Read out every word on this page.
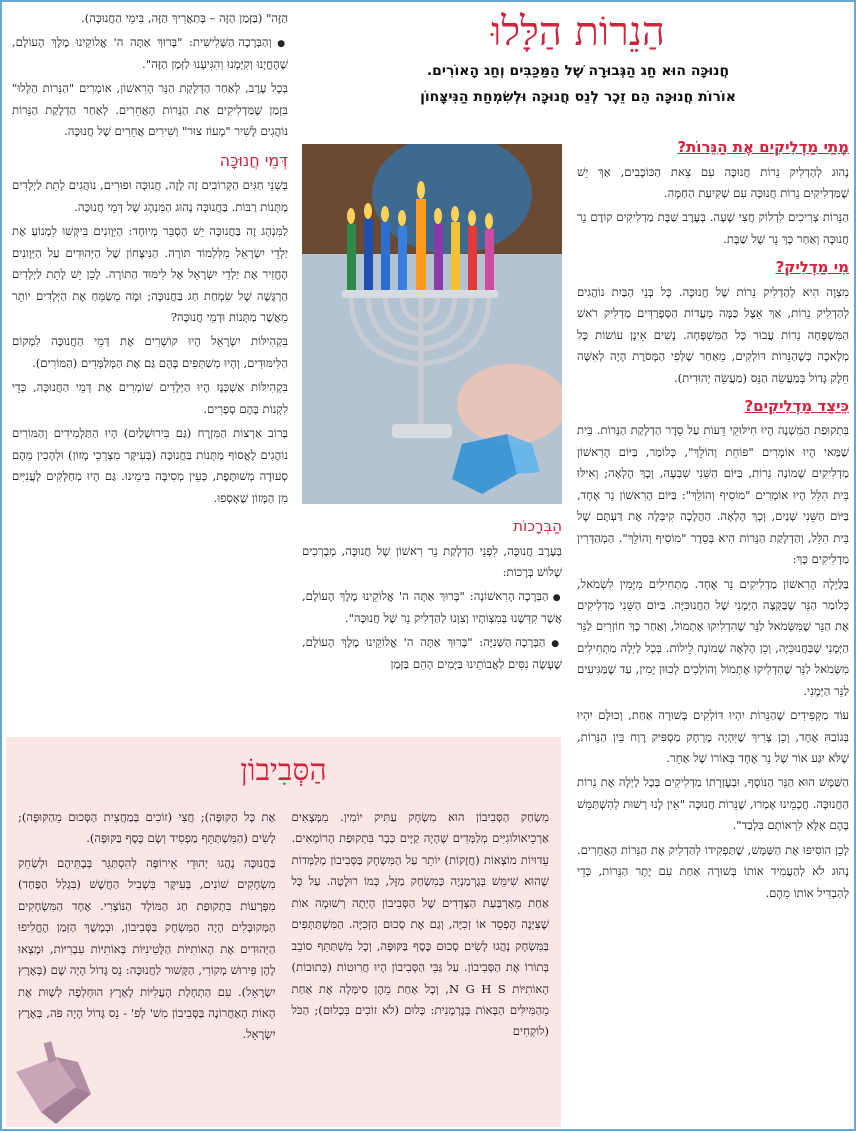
הַנֵרוֹת הַלָּלוּ
חֲנוּכָּה הוּא חַג הַגְּבוּרָה שֶׁל הַמַּכַּבִּים וְחַג הָאוֹרִים.
אוֹרוֹת חֲנוּכָּה הֵם זֵכֶר לְנֵס חֲנוּכָּה וּלְשִׂמְחַת הַנִּיצָּחוֹן
מָתַי מַדְלִיקִים אֶת הַנֵּרוֹת?

נָהוּג לְהַדְלִיק נֵרוֹת חֲנוּכָּה עִם צֵאת הַכּוֹכָבִים, אַךְ יֵשׁ שֶׁמַּדְלִיקִים נֵרוֹת חֲנוּכָּה עִם שְׁקִיעַת הַחַמָּה.

הַנֵּרוֹת צְרִיכִים לִדְלוֹק חֲצִי שָׁעָה. בְּעֶרֶב שַׁבָּת מַדְלִיקִים קוֹדֶם נֵר חֲנוּכָּה וְאַחַר כָּךְ נֵר שֶׁל שַׁבָּת.

מִי מַדְלִיק?

מִצְוָה הִיא לְהַדְלִיק נֵרוֹת שֶׁל חֲנוּכָּה. כָּל בְּנֵי הַבַּיִת נוֹהֲגִים לְהַדְלִיק נֵרוֹת, אַךְ אֵצֶל כַּמָּה מֵעֲדוֹת הַסְּפָרַדִּים מַדְלִיק רֹאשׁ הַמִּשְׁפָּחָה נֵרוֹת עֲבוּר כָּל הַמִּשְׁפָּחָה. נָשִׁים אֵינָן עוֹשׂוֹת כָּל מְלָאכָה כְּשֶׁהַנֵּרוֹת דּוֹלְקִים, מֵאַחַר שֶׁלְּפִי הַמָּסֹרֶת הָיָה לְאִשָּׁה חֵלֶק גָּדוֹל בְּמַעֲשֵׂה הַנֵּס (מַעֲשֵׂה יְהוּדִית).

כֵּיצַד מַדְלִיקִים?

בִּתְקוּפַת הַמִּשְׁנָה הָיוּ חִילּוּקֵי דֵּעוֹת עַל סֵדֶר הַדְלָקַת הַנֵּרוֹת. בֵּית שַׁמַּאי הָיוּ אוֹמְרִים "פּוֹחֵת וְהוֹלֵךְ", כְּלוֹמַר, בַּיּוֹם הָרִאשׁוֹן מַדְלִיקִים שְׁמוֹנָה נֵרוֹת, בַּיּוֹם הַשֵּׁנִי שִׁבְעָה, וְכָךְ הָלְאָה; וְאִילּוּ בֵּית הִלֵּל הָיוּ אוֹמְרִים "מוֹסִיף וְהוֹלֵךְ": בַּיּוֹם הָרִאשׁוֹן נֵר אֶחָד, בַּיּוֹם הַשֵּׁנִי שְׁנַיִם, וְכָךְ הָלְאָה. הַהֲלָכָה קִיבְּלָה אֶת דַּעְתָּם שֶׁל בֵּית הִלֵּל, וְהַדְלָקַת הַנֵּרוֹת הִיא בְּסֵדֶר "מוֹסִיף וְהוֹלֵךְ". הַמְהַדְּרִין מַדְלִיקִים כָּךְ:

בַּלַּיְלָה הָרִאשׁוֹן מַדְלִיקִים נֵר אֶחָד. מַתְחִילִים מִיָּמִין לִשְׂמֹאל, כְּלוֹמַר הַנֵּר שֶׁבַּקְּצָה הַיְּמָנִי שֶׁל הַחֲנוּכִּיָּה. בַּיּוֹם הַשֵּׁנִי מַדְלִיקִים אֶת הַנֵּר שֶׁמִּשְּׂמֹאל לַנֵּר שֶׁהִדְלִיקוּ אֶתְמוֹל, וְאַחַר כָּךְ חוֹזְרִים לַנֵּר הַיְּמָנִי שֶׁבַּחֲנוּכִּיָּה, וְכֵן הָלְאָה שְׁמוֹנָה לֵילוֹת. בְּכָל לַיְלָה מַתְחִילִים מִשְּׂמֹאל לַנֵּר שֶׁהִדְלִיקוּ אֶתְמוֹל וְהוֹלְכִים לְכִוּוּן יָמִין, עַד שֶׁמַּגִּיעִים לַנֵּר הַיְּמָנִי.

עוֹד מַקְפִּידִים שֶׁהַנֵּרוֹת יִהְיוּ דּוֹלְקִים בְּשׁוּרָה אַחַת, וְכוּלָּם יִהְיוּ בְּגוֹבַהּ אֶחָד, וְכֵן צָרִיךְ שֶׁיִּהְיֶה מֶרְחָק מַסְפִּיק רֶוַח בֵּין הַנֵּרוֹת, שֶׁלֹּא יִגַּע אוֹר שֶׁל נֵר אֶחָד בְּאוֹרוֹ שֶׁל אַחֵר.

הַשַּׁמָּשׁ הוּא הַנֵּר הַנּוֹסָף, וּבְעֶזְרָתוֹ מַדְלִיקִים בְּכָל לַיְלָה אֶת נֵרוֹת הַחֲנוּכָּה. חֲכָמֵינוּ אָמְרוּ, שֶׁנֵּרוֹת חֲנוּכָּה "אֵין לָנוּ רְשׁוּת לְהִשְׁתַּמֵּשׁ בָּהֶם אֶלָּא לִרְאוֹתָם בִּלְבַד".

לָכֵן הוֹסִיפוּ אֶת הַשַּׁמָּשׁ, שֶׁתַּפְקִידוֹ לְהַדְלִיק אֶת הַנֵּרוֹת הָאֲחֵרִים. נָהוּג לֹא לְהַעֲמִיד אוֹתוֹ בְּשׁוּרָה אַחַת עִם יֶתֶר הַנֵּרוֹת, כְּדֵי לְהַבְדִּיל אוֹתוֹ מֵהֶם.

הַבְּרָכוֹת

בְּעֶרֶב חֲנוּכָּה, לִפְנֵי הַדְלָקַת נֵר רִאשׁוֹן שֶׁל חֲנוּכָּה, מְבָרְכִים שָׁלוֹשׁ בְּרָכוֹת:

● הַבְּרָכָה הָרִאשׁוֹנָה: "בָּרוּךְ אַתָּה ה' אֱלוֹקֵינוּ מֶלֶךְ הָעוֹלָם, אֲשֶׁר קִדְּשָׁנוּ בְּמִצְוֹתָיו וְצִוָּנוּ לְהַדְלִיק נֵר שֶׁל חֲנוּכָּה".

● הַבְּרָכָה הַשְּׁנִיָּה: "בָּרוּךְ אַתָּה ה' אֱלוֹקֵינוּ מֶלֶךְ הָעוֹלָם, שֶׁעָשָׂה נִסִּים לַאֲבוֹתֵינוּ בַּיָּמִים הָהֵם בַּזְּמַן

הַזֶּה" (בַּזְּמַן הַזֶּה – בְּתַאֲרִיךְ הַזֶּה, בִּימֵי הַחֲנוּכָּה).

● וְהַבְּרָכָה הַשְּׁלִישִׁית: "בָּרוּךְ אַתָּה ה' אֱלוֹקֵינוּ מֶלֶךְ הָעוֹלָם, שֶׁהֶחֱיָנוּ וְקִיְּמָנוּ וְהִגִּיעָנוּ לַזְּמַן הַזֶּה".

בְּכָל עֶרֶב, לְאַחַר הַדְלָקַת הַנֵּר הָרִאשׁוֹן, אוֹמְרִים "הַנֵּרוֹת הַלָּלוּ" בִּזְמַן שֶׁמַּדְלִיקִים אֶת הַנֵּרוֹת הָאֲחֵרִים. לְאַחַר הַדְלָקַת הַנֵּרוֹת נוֹהֲגִים לָשִׁיר "מָעוֹז צוּר" וְשִׁירִים אֲחֵרִים שֶׁל חֲנוּכָּה.

דְּמֵי חֲנוּכָּה

בְּשְׁנֵי חַגִּים הַקְּרוֹבִים זֶה לָזֶה, חֲנוּכָּה וּפוּרִים, נוֹהֲגִים לָתֵת לַיְלָדִים מַתָּנוֹת רַבּוֹת. בַּחֲנוּכָּה נָהוּג הַמִּנְהָג שֶׁל דְּמֵי חֲנוּכָּה.

לַמִּנְהָג זֶה בַּחֲנוּכָּה יֵשׁ הֶסְבֵּר מְיוּחָד: הַיְּוָונִים בִּיקְּשׁוּ לִמְנוֹעַ אֶת יַלְדֵי יִשְׂרָאֵל מִלִּלְמוֹד תּוֹרָה. הַנִּיצָּחוֹן שֶׁל הַיְּהוּדִים עַל הַיְּוָונִים הֶחֱזִיר אֶת יַלְדֵי יִשְׂרָאֵל אֶל לִימּוּד הַתּוֹרָה. לָכֵן יֵשׁ לָתֵת לַיְלָדִים הַרְגָּשָׁה שֶׁל שִׂמְחַת חַג בַּחֲנוּכָּה; וּמָה מְשַׂמֵּחַ אֶת הַיְּלָדִים יוֹתֵר מֵאֲשֶׁר מַתָּנוֹת וּדְמֵי חֲנוּכָּה?

בִּקְהִילּוֹת יִשְׂרָאֵל הָיוּ קוֹשְׁרִים אֶת דְּמֵי הַחֲנוּכָּה לִמְקוֹם הַלִּימּוּדִים, וְהָיוּ מְשַׁתְּפִים בָּהֶם גַּם אֶת הַמְּלַמְּדִים (הַמּוֹרִים).

בִּקְהִילּוֹת אַשְׁכְּנָז הָיוּ הַיְּלָדִים שׁוֹמְרִים אֶת דְּמֵי הַחֲנוּכָּה, כְּדֵי לִקְנוֹת בָּהֶם סְפָרִים.

בְּרוֹב אַרְצוֹת הַמִּזְרָח (גַּם בִּירוּשָׁלַיִם) הָיוּ הַתַּלְמִידִים וְהַמּוֹרִים נוֹהֲגִים לֶאֱסוֹף מַתָּנוֹת בַּחֲנוּכָּה (בְּעִיקָּר מִצְרְכֵי מָזוֹן) וּלְהָכִין מֵהֶם סְעוּדָה מְשׁוּתֶּפֶת, כְּעֵין מְסִיבָּה בִּימֵינוּ. גַּם הָיוּ מְחַלְּקִים לָעֲנִיִּים מִן הַמָּזוֹן שֶׁאָסְפוּ.

הַסְּבִיבוֹן

מִשְׂחַק הַסְּבִיבוֹן הוּא מִשְׂחָק עַתִּיק יוֹמִין. מִמְּצָאִים אַרְכֵיאוֹלוֹגִיִּים מְלַמְּדִים שֶׁהָיָה קַיָּים כְּבָר בִּתְקוּפַת הָרוֹמָאִים. עֵדוּיוֹת מוֹצְאוֹת (חֲזָקוֹת) יוֹתֵר עַל הַמִּשְׂחָק בַּסְּבִיבוֹן מְלַמְּדוֹת שֶׁהוּא שִׁימֵּשׁ בְּגֶרְמַנְיָה כְּמִשְׂחַק מַזָּל, כְּמוֹ רוּלֶטָה. עַל כָּל אַחַת מֵאַרְבַּעַת הַצְּדָדִים שֶׁל הַסְּבִיבוֹן הָיְתָה רְשׁוּמָה אוֹת שֶׁצִּיְּנָה הֶפְסֵד אוֹ זְכִיָּה, וְגַם אֶת סְכוּם הַזְּכִיָּה. הַמִּשְׁתַּתְּפִים בַּמִּשְׂחָק נָהֲגוּ לָשִׂים סְכוּם כֶּסֶף בַּקּוּפָּה, וְכָל מִשְׁתַּתֵּף סוֹבֵב בְּתוֹרוֹ אֶת הַסְּבִיבוֹן. עַל גַּבֵּי הַסְּבִיבוֹן הָיוּ חֲרוּטוֹת (כְּתוּבוֹת) הָאוֹתִיּוֹת N G H S, וְכָל אַחַת מֵהֶן סִימְּלָה אֶת אַחַת מֵהַמִּילִּים הַבָּאוֹת בְּגֶרְמָנִית: כְּלוּם (לֹא זוֹכִים בִּכְלוּם); הַכֹּל (לוֹקְחִים

אֶת כָּל הַקּוּפָּה); חֲצִי (זוֹכִים בְּמַחֲצִית הַסְּכוּם מֵהַקּוּפָּה); לָשִׂים (הַמִּשְׁתַּתֵּף מַפְסִיד וְשָׂם כֶּסֶף בַּקּוּפָּה).

בַּחֲנוּכָּה נָהֲגוּ יְהוּדֵי אֵירוֹפָּה לְהִסְתַּגֵּר בְּבָתֵּיהֶם וּלְשַׂחֵק מִשְׂחָקִים שׁוֹנִים, בְּעִיקָּר בִּשְׁבִיל הַחֲשָׁשׁ (בִּגְלַל הַפַּחַד) מִפְּרָעוֹת בִּתְקוּפַת חַג הַמּוֹלָד הַנּוֹצְרִי. אֶחָד הַמִּשְׂחָקִים הַמְּקוּבָּלִים הָיָה הַמִּשְׂחָק בַּסְּבִיבוֹן, וּבְמֶשֶׁךְ הַזְּמַן הֶחֱלִיפוּ הַיְּהוּדִים אֶת הָאוֹתִיּוֹת הַלָּטִינִיּוֹת בְּאוֹתִיּוֹת עִבְרִיּוֹת, וּמָצְאוּ לָהֶן פֵּירוּשׁ מְקוֹרִי, הַקָּשׁוּר לַחֲנוּכָּה: נֵס גָּדוֹל הָיָה שָׁם (בְּאֶרֶץ יִשְׂרָאֵל). עִם הַתְחָלַת הָעֲלִיּוֹת לָאָרֶץ הוּחְלְפָה לַשְׁוּת אֶת הָאוֹת הָאַחֲרוֹנָה בַּסְּבִיבוֹן מִשׁ' לְפ' - נֵס גָּדוֹל הָיָה פֹּה, בְּאֶרֶץ יִשְׂרָאֵל.
